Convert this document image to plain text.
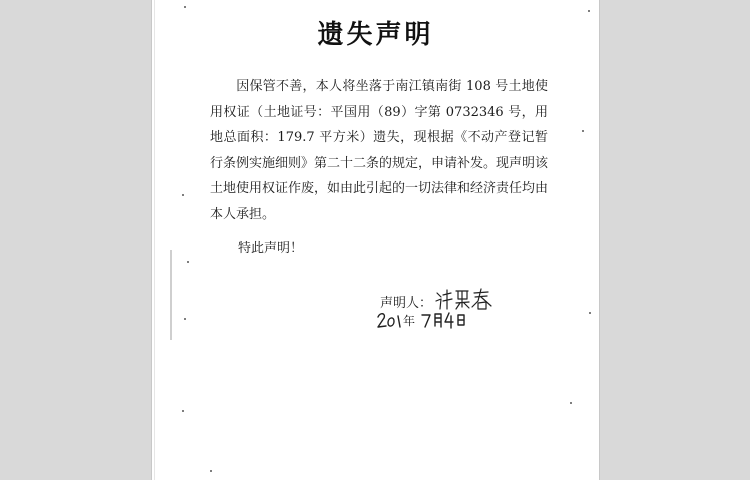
遗失声明
因保管不善，本人将坐落于南江镇南街 108 号土地使用权证（土地证号：平国用（89）字第 0732346 号，用地总面积：179.7 平方米）遗失，现根据《不动产登记暂行条例实施细则》第二十二条的规定，申请补发。现声明该土地使用权证作废，如由此引起的一切法律和经济责任均由本人承担。
特此声明！
声明人：
年
